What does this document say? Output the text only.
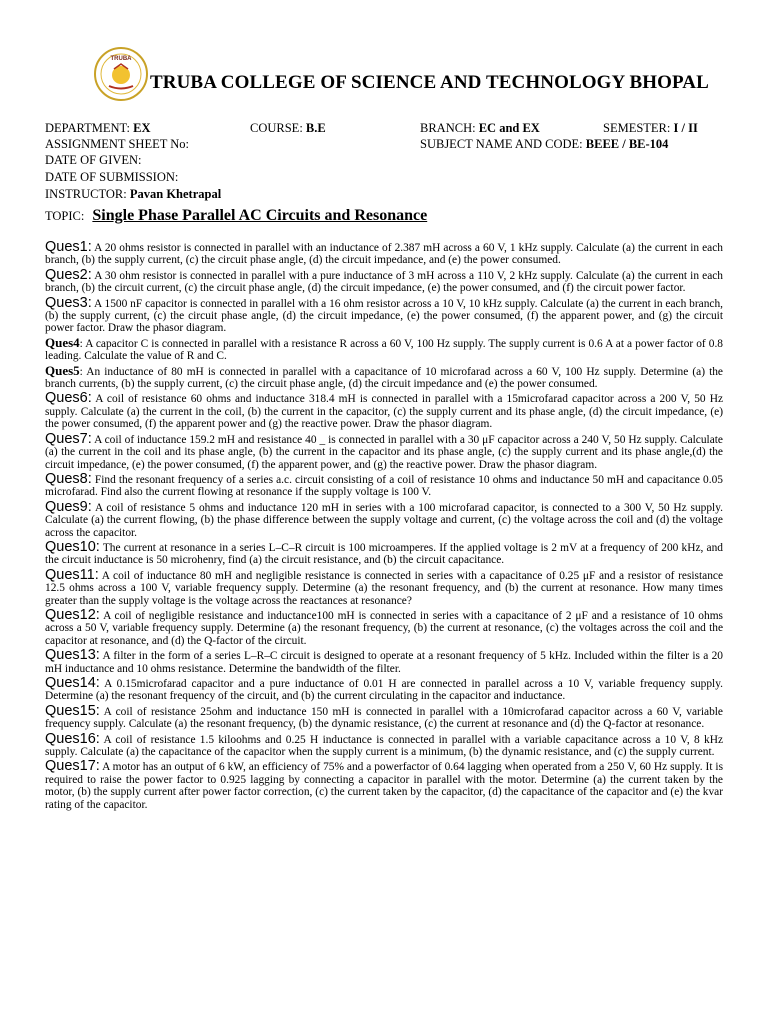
TRUBA
TRUBA COLLEGE OF SCIENCE AND TECHNOLOGY BHOPAL
DEPARTMENT: EX	COURSE: B.E	BRANCH: EC and EX	SEMESTER: I / II
ASSIGNMENT SHEET No:	SUBJECT NAME AND CODE: BEEE / BE-104
DATE OF GIVEN:
DATE OF SUBMISSION:
INSTRUCTOR: Pavan Khetrapal
TOPIC: Single Phase Parallel AC Circuits and Resonance

Ques1: A 20 ohms resistor is connected in parallel with an inductance of 2.387 mH across a 60 V, 1 kHz supply. Calculate (a) the current in each branch, (b) the supply current, (c) the circuit phase angle, (d) the circuit impedance, and (e) the power consumed.

Ques2: A 30 ohm resistor is connected in parallel with a pure inductance of 3 mH across a 110 V, 2 kHz supply. Calculate (a) the current in each branch, (b) the circuit current, (c) the circuit phase angle, (d) the circuit impedance, (e) the power consumed, and (f) the circuit power factor.

Ques3: A 1500 nF capacitor is connected in parallel with a 16 ohm resistor across a 10 V, 10 kHz supply. Calculate (a) the current in each branch, (b) the supply current, (c) the circuit phase angle, (d) the circuit impedance, (e) the power consumed, (f) the apparent power, and (g) the circuit power factor. Draw the phasor diagram.

Ques4: A capacitor C is connected in parallel with a resistance R across a 60 V, 100 Hz supply. The supply current is 0.6 A at a power factor of 0.8 leading. Calculate the value of R and C.

Ques5: An inductance of 80 mH is connected in parallel with a capacitance of 10 microfarad across a 60 V, 100 Hz supply. Determine (a) the branch currents, (b) the supply current, (c) the circuit phase angle, (d) the circuit impedance and (e) the power consumed.

Ques6: A coil of resistance 60 ohms and inductance 318.4 mH is connected in parallel with a 15microfarad capacitor across a 200 V, 50 Hz supply. Calculate (a) the current in the coil, (b) the current in the capacitor, (c) the supply current and its phase angle, (d) the circuit impedance, (e) the power consumed, (f) the apparent power and (g) the reactive power. Draw the phasor diagram.

Ques7: A coil of inductance 159.2 mH and resistance 40 _ is connected in parallel with a 30 μF capacitor across a 240 V, 50 Hz supply. Calculate (a) the current in the coil and its phase angle, (b) the current in the capacitor and its phase angle, (c) the supply current and its phase angle,(d) the circuit impedance, (e) the power consumed, (f) the apparent power, and (g) the reactive power. Draw the phasor diagram.

Ques8: Find the resonant frequency of a series a.c. circuit consisting of a coil of resistance 10 ohms and inductance 50 mH and capacitance 0.05 microfarad. Find also the current flowing at resonance if the supply voltage is 100 V.

Ques9: A coil of resistance 5 ohms and inductance 120 mH in series with a 100 microfarad capacitor, is connected to a 300 V, 50 Hz supply. Calculate (a) the current flowing, (b) the phase difference between the supply voltage and current, (c) the voltage across the coil and (d) the voltage across the capacitor.

Ques10: The current at resonance in a series L–C–R circuit is 100 microamperes. If the applied voltage is 2 mV at a frequency of 200 kHz, and the circuit inductance is 50 microhenry, find (a) the circuit resistance, and (b) the circuit capacitance.

Ques11: A coil of inductance 80 mH and negligible resistance is connected in series with a capacitance of 0.25 μF and a resistor of resistance 12.5 ohms across a 100 V, variable frequency supply. Determine (a) the resonant frequency, and (b) the current at resonance. How many times greater than the supply voltage is the voltage across the reactances at resonance?

Ques12: A coil of negligible resistance and inductance100 mH is connected in series with a capacitance of 2 μF and a resistance of 10 ohms across a 50 V, variable frequency supply. Determine (a) the resonant frequency, (b) the current at resonance, (c) the voltages across the coil and the capacitor at resonance, and (d) the Q-factor of the circuit.

Ques13: A filter in the form of a series L–R–C circuit is designed to operate at a resonant frequency of 5 kHz. Included within the filter is a 20 mH inductance and 10 ohms resistance. Determine the bandwidth of the filter.

Ques14: A 0.15microfarad capacitor and a pure inductance of 0.01 H are connected in parallel across a 10 V, variable frequency supply. Determine (a) the resonant frequency of the circuit, and (b) the current circulating in the capacitor and inductance.

Ques15: A coil of resistance 25ohm and inductance 150 mH is connected in parallel with a 10microfarad capacitor across a 60 V, variable frequency supply. Calculate (a) the resonant frequency, (b) the dynamic resistance, (c) the current at resonance and (d) the Q-factor at resonance.

Ques16: A coil of resistance 1.5 kiloohms and 0.25 H inductance is connected in parallel with a variable capacitance across a 10 V, 8 kHz supply. Calculate (a) the capacitance of the capacitor when the supply current is a minimum, (b) the dynamic resistance, and (c) the supply current.

Ques17: A motor has an output of 6 kW, an efficiency of 75% and a powerfactor of 0.64 lagging when operated from a 250 V, 60 Hz supply. It is required to raise the power factor to 0.925 lagging by connecting a capacitor in parallel with the motor. Determine (a) the current taken by the motor, (b) the supply current after power factor correction, (c) the current taken by the capacitor, (d) the capacitance of the capacitor and (e) the kvar rating of the capacitor.
